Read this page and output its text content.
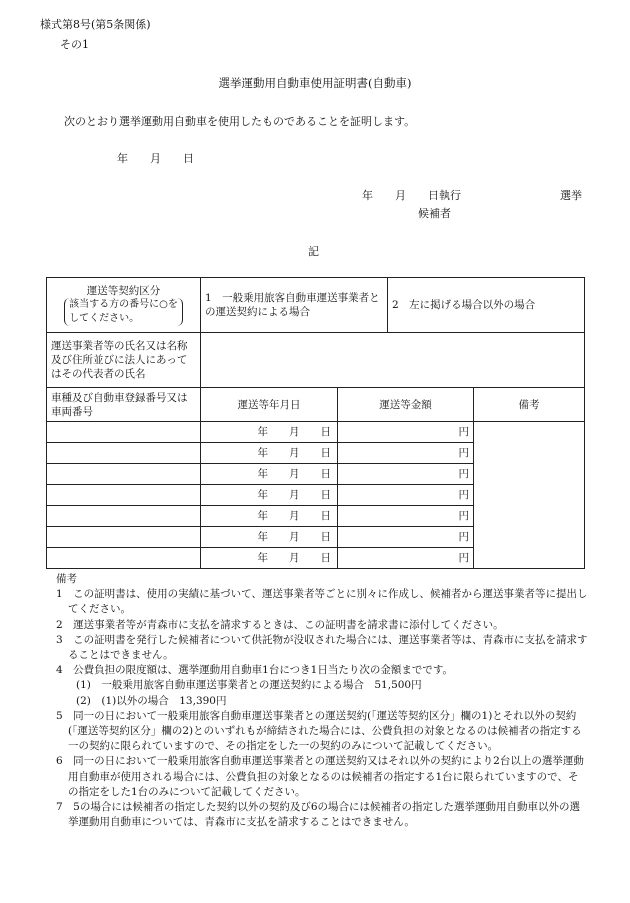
様式第8号(第5条関係)
その1
選挙運動用自動車使用証明書(自動車)
次のとおり選挙運動用自動車を使用したものであることを証明します。
年　　月　　日
年　　月　　日執行	選挙
候補者
記
運送等契約区分
該当する方の番号に○を
してください。	1　一般乗用旅客自動車運送事業者との運送契約による場合		2　左に掲げる場合以外の場合	
運送事業者等の氏名又は名称及び住所並びに法人にあってはその代表者の氏名				
車種及び自動車登録番号又は車両番号	運送等年月日	運送等金額		備考
	年　　月　　日	円		
	年　　月　　日	円		
	年　　月　　日	円		
	年　　月　　日	円		
	年　　月　　日	円		
	年　　月　　日	円		
	年　　月　　日	円		

備考

1　この証明書は、使用の実績に基づいて、運送事業者等ごとに別々に作成し、候補者から運送事業者等に提出してください。

2　運送事業者等が青森市に支払を請求するときは、この証明書を請求書に添付してください。

3　この証明書を発行した候補者について供託物が没収された場合には、運送事業者等は、青森市に支払を請求することはできません。

4　公費負担の限度額は、選挙運動用自動車1台につき1日当たり次の金額までです。

(1)　一般乗用旅客自動車運送事業者との運送契約による場合　51,500円

(2)　(1)以外の場合　13,390円

5　同一の日において一般乗用旅客自動車運送事業者との運送契約(「運送等契約区分」欄の1)とそれ以外の契約(「運送等契約区分」欄の2)とのいずれもが締結された場合には、公費負担の対象となるのは候補者の指定する一の契約に限られていますので、その指定をした一の契約のみについて記載してください。

6　同一の日において一般乗用旅客自動車運送事業者との運送契約又はそれ以外の契約により2台以上の選挙運動用自動車が使用される場合には、公費負担の対象となるのは候補者の指定する1台に限られていますので、その指定をした1台のみについて記載してください。

7　5の場合には候補者の指定した契約以外の契約及び6の場合には候補者の指定した選挙運動用自動車以外の選挙運動用自動車については、青森市に支払を請求することはできません。
